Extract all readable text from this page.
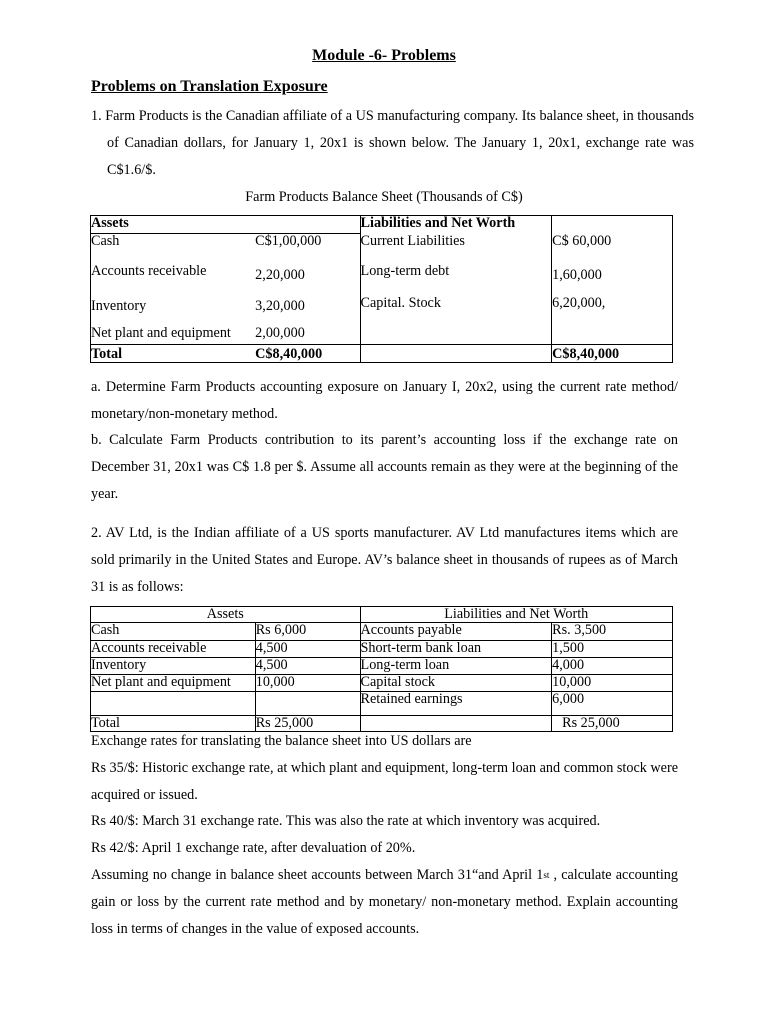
Module -6- Problems
Problems on Translation Exposure
1. Farm Products is the Canadian affiliate of a US manufacturing company. Its balance sheet, in thousands of Canadian dollars, for January 1, 20x1 is shown below. The January 1, 20x1, exchange rate was C$1.6/$.
Farm Products Balance Sheet (Thousands of C$)
Assets		Liabilities and Net Worth	
Cash	C$1,00,000	Current Liabilities	C$ 60,000
Accounts receivable	2,20,000	Long-term debt	1,60,000
Inventory	3,20,000	Capital. Stock	6,20,000,
Net plant and equipment	2,00,000		
Total	C$8,40,000		C$8,40,000
a. Determine Farm Products accounting exposure on January I, 20x2, using the current rate method/ monetary/non-monetary method.
b. Calculate Farm Products contribution to its parent’s accounting loss if the exchange rate on December 31, 20x1 was C$ 1.8 per $. Assume all accounts remain as they were at the beginning of the year.
2. AV Ltd, is the Indian affiliate of a US sports manufacturer. AV Ltd manufactures items which are sold primarily in the United States and Europe. AV’s balance sheet in thousands of rupees as of March 31 is as follows:
Assets		Liabilities and Net Worth	
Cash	Rs 6,000	Accounts payable	Rs. 3,500
Accounts receivable	4,500	Short-term bank loan	1,500
Inventory	4,500	Long-term loan	4,000
Net plant and equipment	10,000	Capital stock	10,000
		Retained earnings	6,000
Total	Rs 25,000		Rs 25,000
Exchange rates for translating the balance sheet into US dollars are
Rs 35/$: Historic exchange rate, at which plant and equipment, long-term loan and common stock were acquired or issued.
Rs 40/$: March 31 exchange rate. This was also the rate at which inventory was acquired.
Rs 42/$: April 1 exchange rate, after devaluation of 20%.
Assuming no change in balance sheet accounts between March 31“and April 1st , calculate accounting gain or loss by the current rate method and by monetary/ non-monetary method. Explain accounting loss in terms of changes in the value of exposed accounts.
